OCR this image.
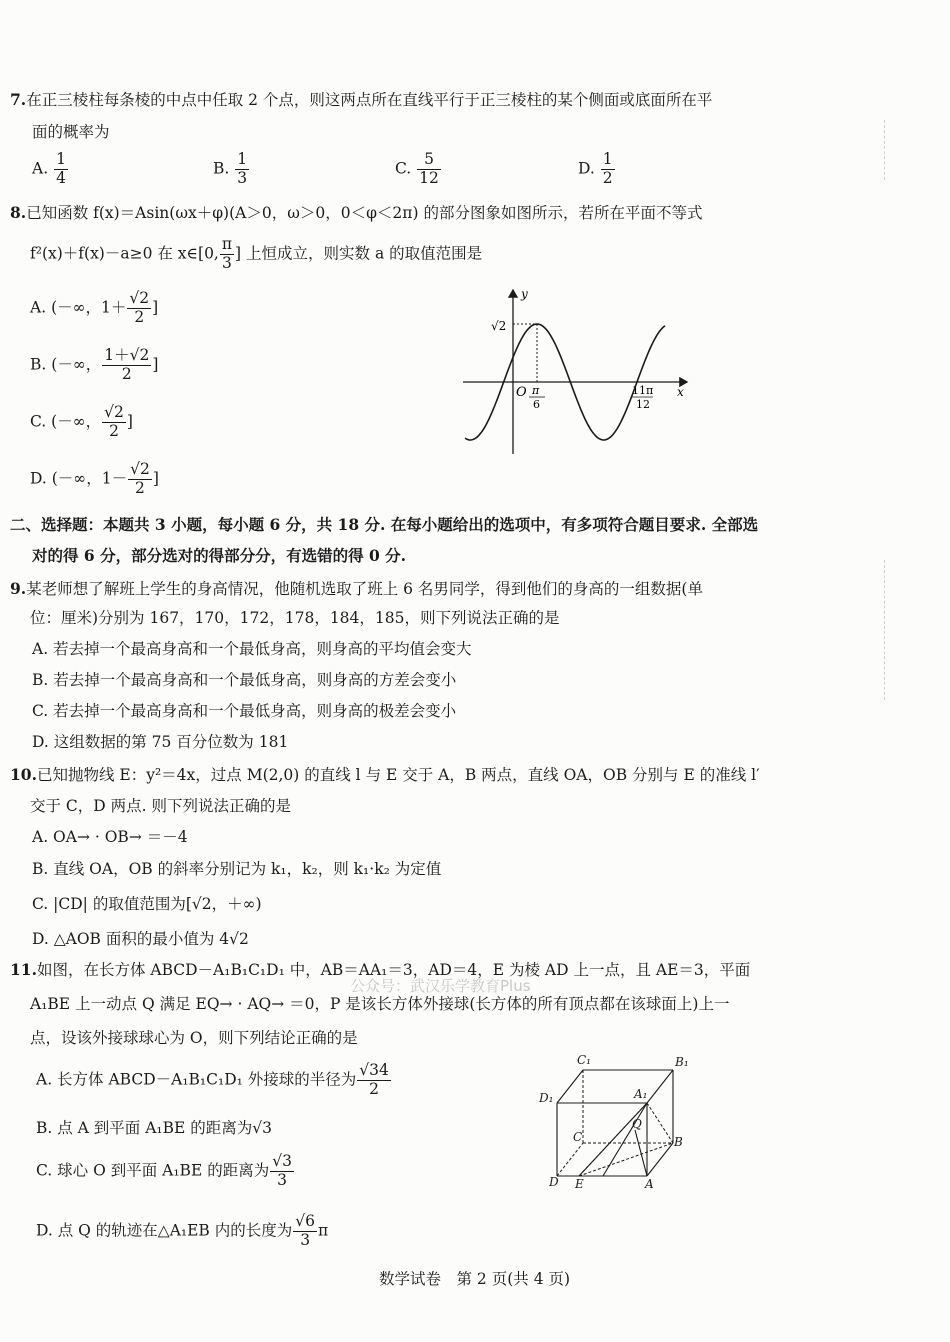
7.在正三棱柱每条棱的中点中任取 2 个点，则这两点所在直线平行于正三棱柱的某个侧面或底面所在平
面的概率为
A. $\frac{1}{4}$	B. $\frac{1}{3}$	C. $\frac{5}{12}$	D. $\frac{1}{2}$
8.已知函数 f(x)＝Asin(ωx＋φ)(A＞0，ω＞0，0＜φ＜2π) 的部分图象如图所示，若所在平面不等式
f²(x)＋f(x)－a≥0 在 x∈[0, $\frac{\pi}{3}$ ] 上恒成立，则实数 a 的取值范围是
A. (－∞，$1+ \frac{√2}{2}$ ]
B. (－∞， $\frac{1+√2}{2}$ ]
C. (－∞， $\frac{√2}{2}$ ]
D. (－∞，$1- \frac{√2}{2}$ ]
y
x
O
√2
π
6
11π
12
二、选择题：本题共 3 小题，每小题 6 分，共 18 分. 在每小题给出的选项中，有多项符合题目要求. 全部选
对的得 6 分，部分选对的得部分分，有选错的得 0 分.
9.某老师想了解班上学生的身高情况，他随机选取了班上 6 名男同学，得到他们的身高的一组数据(单
位：厘米)分别为 167，170，172，178，184，185，则下列说法正确的是
A. 若去掉一个最高身高和一个最低身高，则身高的平均值会变大
B. 若去掉一个最高身高和一个最低身高，则身高的方差会变小
C. 若去掉一个最高身高和一个最低身高，则身高的极差会变小
D. 这组数据的第 75 百分位数为 181
10.已知抛物线 E：y²＝4x，过点 M(2,0) 的直线 l 与 E 交于 A，B 两点，直线 OA，OB 分别与 E 的准线 l′
交于 C，D 两点. 则下列说法正确的是
A. OA→ · OB→ ＝－4
B. 直线 OA，OB 的斜率分别记为 k₁，k₂，则 k₁·k₂ 为定值
C. |CD| 的取值范围为[√2，＋∞)
D. △AOB 面积的最小值为 4√2
11.如图，在长方体 ABCD－A₁B₁C₁D₁ 中，AB＝AA₁＝3，AD＝4，E 为棱 AD 上一点，且 AE＝3，平面
A₁BE 上一动点 Q 满足 EQ→ · AQ→ ＝0，P 是该长方体外接球(长方体的所有顶点都在该球面上)上一
公众号：武汉乐学教育Plus
点，设该外接球球心为 O，则下列结论正确的是
A. 长方体 ABCD－A₁B₁C₁D₁ 外接球的半径为 $\frac{√34}{2}$
B. 点 A 到平面 A₁BE 的距离为√3
C. 球心 O 到平面 A₁BE 的距离为 $\frac{√3}{3}$
D. 点 Q 的轨迹在△A₁EB 内的长度为 $\frac{√6}{3}$ π
C₁	B₁
D₁	A₁
C
Q
B
D E	A
数学试卷　第 2 页(共 4 页)
